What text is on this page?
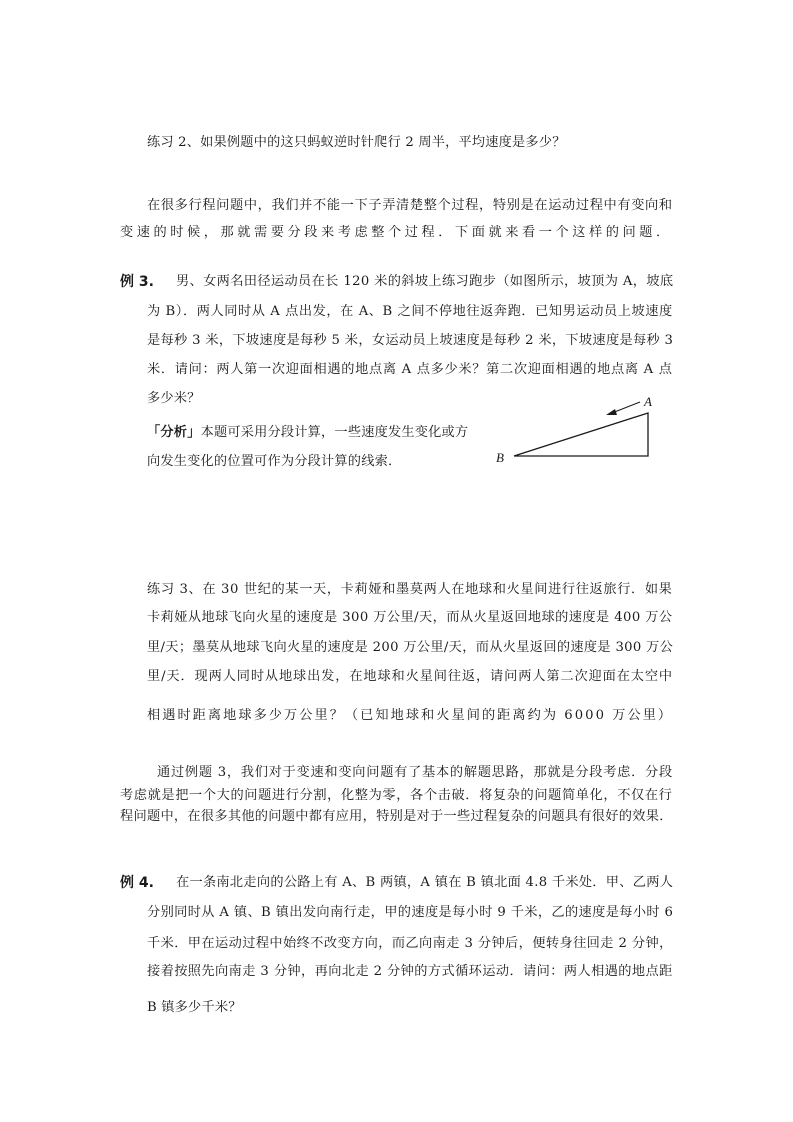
练习 2、如果例题中的这只蚂蚁逆时针爬行 2 周半，平均速度是多少？
在很多行程问题中，我们并不能一下子弄清楚整个过程，特别是在运动过程中有变向和
变速的时候，那就需要分段来考虑整个过程．下面就来看一个这样的问题．
例 3. 男、女两名田径运动员在长 120 米的斜坡上练习跑步（如图所示，坡顶为 A，坡底
为 B）．两人同时从 A 点出发，在 A、B 之间不停地往返奔跑．已知男运动员上坡速度
是每秒 3 米，下坡速度是每秒 5 米，女运动员上坡速度是每秒 2 米，下坡速度是每秒 3
米．请问：两人第一次迎面相遇的地点离 A 点多少米？第二次迎面相遇的地点离 A 点
多少米？
「分析」本题可采用分段计算，一些速度发生变化或方
向发生变化的位置可作为分段计算的线索．
A
B
练习 3、在 30 世纪的某一天，卡莉娅和墨莫两人在地球和火星间进行往返旅行．如果
卡莉娅从地球飞向火星的速度是 300 万公里/天，而从火星返回地球的速度是 400 万公
里/天；墨莫从地球飞向火星的速度是 200 万公里/天，而从火星返回的速度是 300 万公
里/天．现两人同时从地球出发，在地球和火星间往返，请问两人第二次迎面在太空中
相遇时距离地球多少万公里？（已知地球和火星间的距离约为 6000 万公里）
通过例题 3，我们对于变速和变向问题有了基本的解题思路，那就是分段考虑．分段
考虑就是把一个大的问题进行分割，化整为零，各个击破．将复杂的问题简单化，不仅在行
程问题中，在很多其他的问题中都有应用，特别是对于一些过程复杂的问题具有很好的效果．
例 4. 在一条南北走向的公路上有 A、B 两镇，A 镇在 B 镇北面 4.8 千米处．甲、乙两人
分别同时从 A 镇、B 镇出发向南行走，甲的速度是每小时 9 千米，乙的速度是每小时 6
千米．甲在运动过程中始终不改变方向，而乙向南走 3 分钟后，便转身往回走 2 分钟，
接着按照先向南走 3 分钟，再向北走 2 分钟的方式循环运动．请问：两人相遇的地点距
B 镇多少千米？
